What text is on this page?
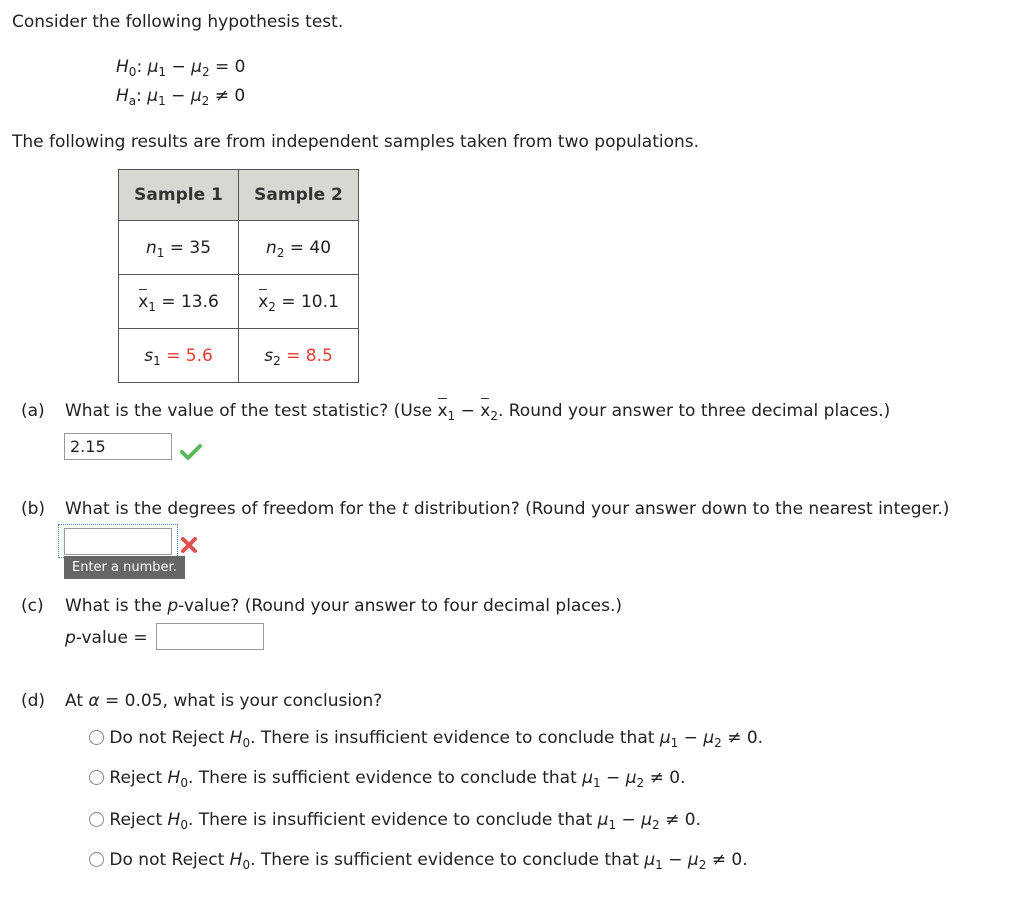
Consider the following hypothesis test.
$H_0$: $\mu_1 - \mu_2 = 0$
$H_a$: $\mu_1 - \mu_2 \ne 0$
The following results are from independent samples taken from two populations.
Sample 1	Sample 2
$n_1 = 35$	$n_2 = 40$
$x_1 = 13.6$	$x_2 = 10.1$
$s_1 = 5.6$	$s_2 = 8.5$
(a) What is the value of the test statistic? (Use $x_1 - x_2$. Round your answer to three decimal places.)
2.15
(b) What is the degrees of freedom for the t distribution? (Round your answer down to the nearest integer.)
Enter a number.
(c) What is the p-value? (Round your answer to four decimal places.)
p-value =
(d) At α = 0.05, what is your conclusion?
Do not Reject $H_0$. There is insufficient evidence to conclude that $\mu_1 - \mu_2 \ne 0$.
Reject $H_0$. There is sufficient evidence to conclude that $\mu_1 - \mu_2 \ne 0$.
Reject $H_0$. There is insufficient evidence to conclude that $\mu_1 - \mu_2 \ne 0$.
Do not Reject $H_0$. There is sufficient evidence to conclude that $\mu_1 - \mu_2 \ne 0$.
